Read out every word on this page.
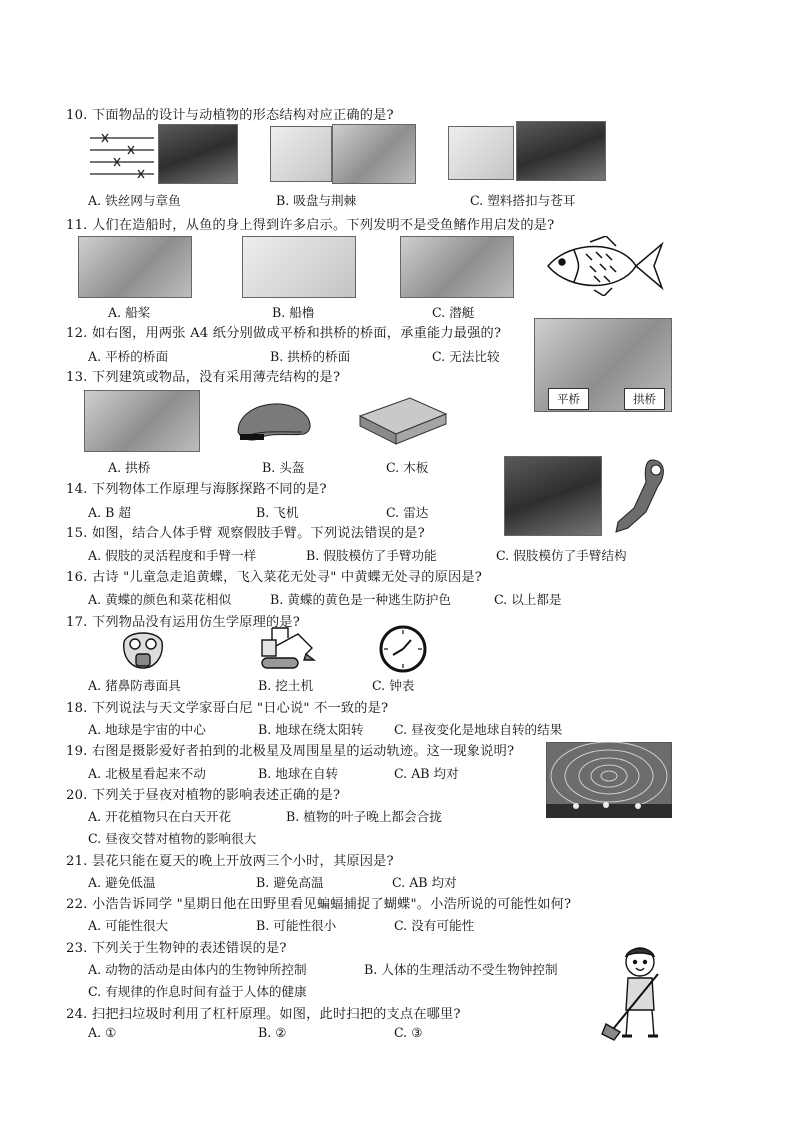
10. 下面物品的设计与动植物的形态结构对应正确的是?
A. 铁丝网与章鱼	B. 吸盘与荆棘	C. 塑料搭扣与苍耳
11. 人们在造船时，从鱼的身上得到许多启示。下列发明不是受鱼鳍作用启发的是?
A. 船桨	B. 船橹	C. 潜艇
12. 如右图，用两张 A4 纸分别做成平桥和拱桥的桥面，承重能力最强的?
A. 平桥的桥面	B. 拱桥的桥面	C. 无法比较
平桥	拱桥
13. 下列建筑或物品，没有采用薄壳结构的是?
A. 拱桥	B. 头盔	C. 木板
14. 下列物体工作原理与海豚探路不同的是?
A. B 超	B. 飞机	C. 雷达
15. 如图，结合人体手臂 观察假肢手臂。下列说法错误的是?
A. 假肢的灵活程度和手臂一样	B. 假肢模仿了手臂功能	C. 假肢模仿了手臂结构
16. 古诗 "儿童急走追黄蝶，飞入菜花无处寻" 中黄蝶无处寻的原因是?
A. 黄蝶的颜色和菜花相似	B. 黄蝶的黄色是一种逃生防护色	C. 以上都是
17. 下列物品没有运用仿生学原理的是?
A. 猪鼻防毒面具	B. 挖土机	C. 钟表
18. 下列说法与天文学家哥白尼 "日心说" 不一致的是?
A. 地球是宇宙的中心	B. 地球在绕太阳转 C. 昼夜变化是地球自转的结果
19. 右图是摄影爱好者拍到的北极星及周围星星的运动轨迹。这一现象说明?
A. 北极星看起来不动	B. 地球在自转	C. AB 均对
20. 下列关于昼夜对植物的影响表述正确的是?
A. 开花植物只在白天开花	B. 植物的叶子晚上都会合拢
C. 昼夜交替对植物的影响很大
21. 昙花只能在夏天的晚上开放两三个小时，其原因是?
A. 避免低温	B. 避免高温	C. AB 均对
22. 小浩告诉同学 "星期日他在田野里看见蝙蝠捕捉了蝴蝶"。小浩所说的可能性如何?
A. 可能性很大	B. 可能性很小	C. 没有可能性
23. 下列关于生物钟的表述错误的是?
A. 动物的活动是由体内的生物钟所控制	B. 人体的生理活动不受生物钟控制
C. 有规律的作息时间有益于人体的健康
24. 扫把扫垃圾时利用了杠杆原理。如图，此时扫把的支点在哪里?
A. ①	B. ②	C. ③
